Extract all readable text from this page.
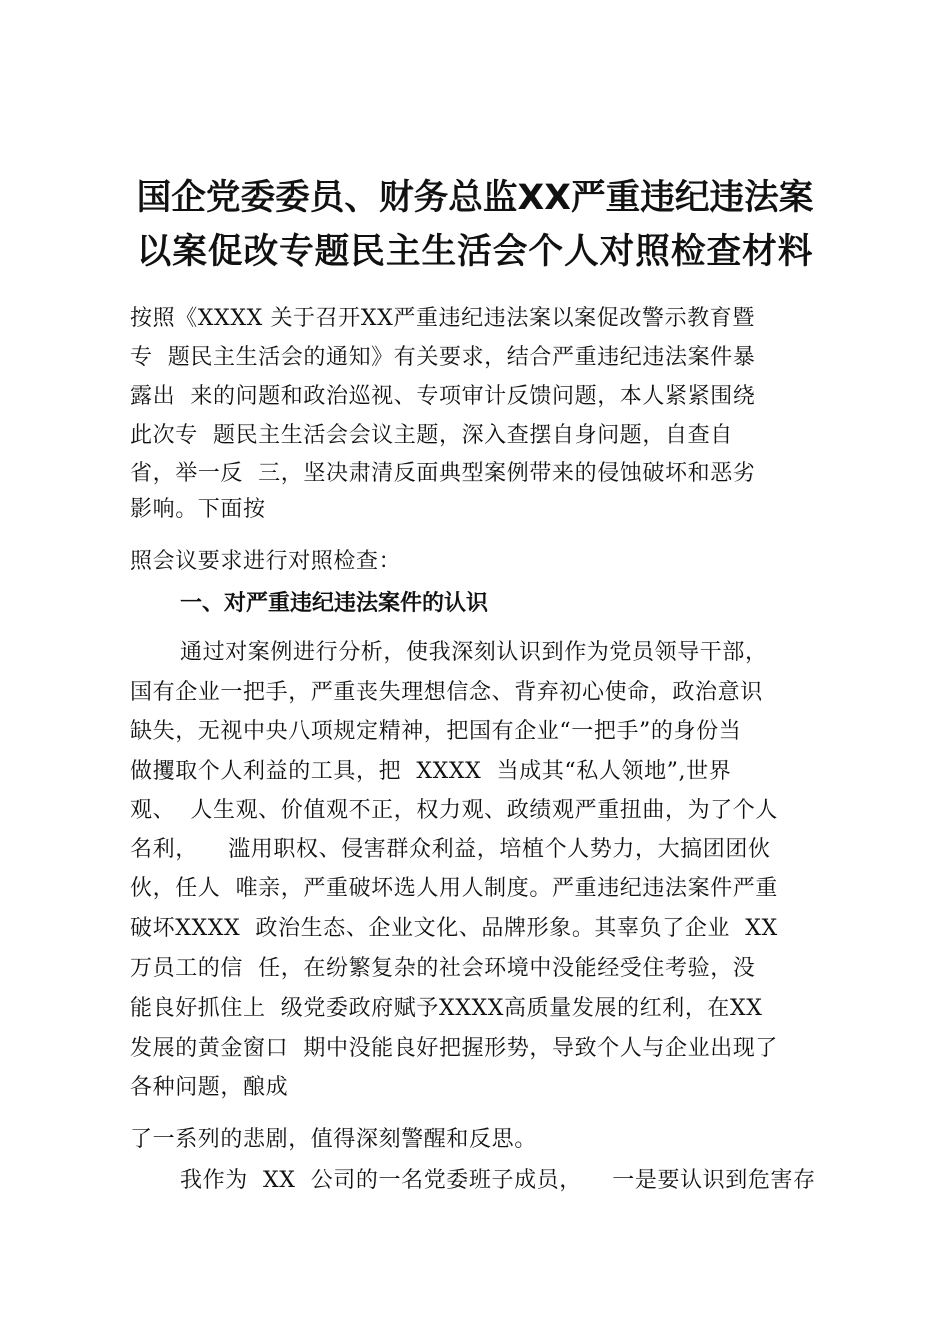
国企党委委员、财务总监XX严重违纪违法案
以案促改专题民主生活会个人对照检查材料
按照《XXXX 关于召开XX严重违纪违法案以案促改警示教育暨
专  题民主生活会的通知》有关要求，结合严重违纪违法案件暴
露出  来的问题和政治巡视、专项审计反馈问题，本人紧紧围绕
此次专  题民主生活会会议主题，深入查摆自身问题，自查自
省，举一反  三，坚决肃清反面典型案例带来的侵蚀破坏和恶劣
影响。下面按
照会议要求进行对照检查：
一、对严重违纪违法案件的认识
通过对案例进行分析，使我深刻认识到作为党员领导干部，
国有企业一把手，严重丧失理想信念、背弃初心使命，政治意识
缺失，无视中央八项规定精神，把国有企业“一把手”的身份当
做攫取个人利益的工具，把  XXXX  当成其“私人领地”,世界
观、  人生观、价值观不正，权力观、政绩观严重扭曲，为了个人
名利，    滥用职权、侵害群众利益，培植个人势力，大搞团团伙
伙，任人  唯亲，严重破坏选人用人制度。严重违纪违法案件严重
破坏XXXX  政治生态、企业文化、品牌形象。其辜负了企业  XX
万员工的信  任，在纷繁复杂的社会环境中没能经受住考验，没
能良好抓住上  级党委政府赋予XXXX高质量发展的红利，在XX
发展的黄金窗口  期中没能良好把握形势，导致个人与企业出现了
各种问题，酿成
了一系列的悲剧，值得深刻警醒和反思。
我作为  XX  公司的一名党委班子成员，    一是要认识到危害存
